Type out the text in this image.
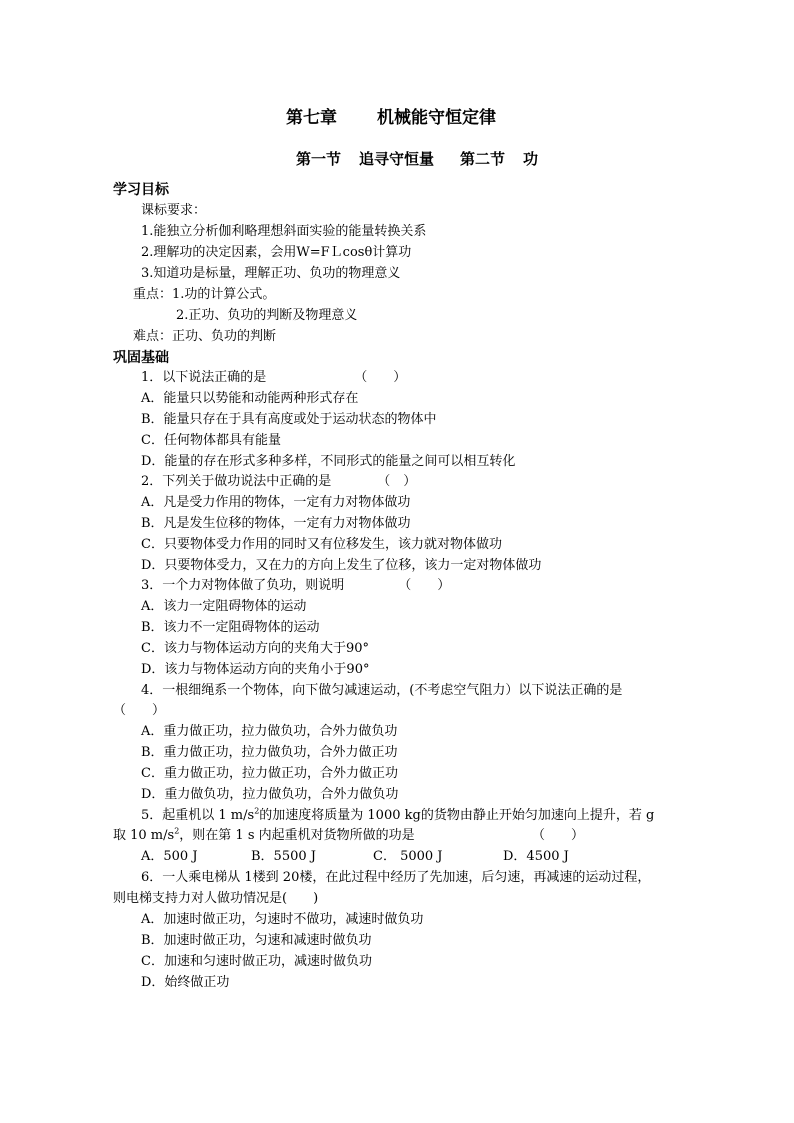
第七章 机械能守恒定律
第一节 追寻守恒量 第二节 功
学习目标
课标要求：
1.能独立分析伽利略理想斜面实验的能量转换关系
2.理解功的决定因素，会用W=FＬcosθ计算功
3.知道功是标量，理解正功、负功的物理意义
重点：1.功的计算公式。
2.正功、负功的判断及物理意义
难点：正功、负功的判断
巩固基础
1．以下说法正确的是	（　　）
A．能量只以势能和动能两种形式存在
B．能量只存在于具有高度或处于运动状态的物体中
C．任何物体都具有能量
D．能量的存在形式多种多样，不同形式的能量之间可以相互转化
2．下列关于做功说法中正确的是	（　）
A．凡是受力作用的物体，一定有力对物体做功
B．凡是发生位移的物体，一定有力对物体做功
C．只要物体受力作用的同时又有位移发生，该力就对物体做功
D．只要物体受力，又在力的方向上发生了位移，该力一定对物体做功
3．一个力对物体做了负功，则说明	（　　）
A．该力一定阻碍物体的运动
B．该力不一定阻碍物体的运动
C．该力与物体运动方向的夹角大于90°
D．该力与物体运动方向的夹角小于90°
4．一根细绳系一个物体，向下做匀减速运动，(不考虑空气阻力）以下说法正确的是
（　　）
A．重力做正功，拉力做负功，合外力做负功
B．重力做正功，拉力做负功，合外力做正功
C．重力做正功，拉力做正功，合外力做正功
D．重力做负功，拉力做负功，合外力做负功
5．起重机以 1 $m/s^2$的加速度将质量为 1000 kg的货物由静止开始匀加速向上提升，若 g
取 10 $m/s^2$，则在第 1 s 内起重机对货物所做的功是	（　　）
A．500 J	B．5500 J	C． 5000 J	D．4500 J
6．一人乘电梯从 1楼到 20楼，在此过程中经历了先加速，后匀速，再减速的运动过程，
则电梯支持力对人做功情况是(　　)
A．加速时做正功，匀速时不做功，减速时做负功
B．加速时做正功，匀速和减速时做负功
C．加速和匀速时做正功，减速时做负功
D．始终做正功
